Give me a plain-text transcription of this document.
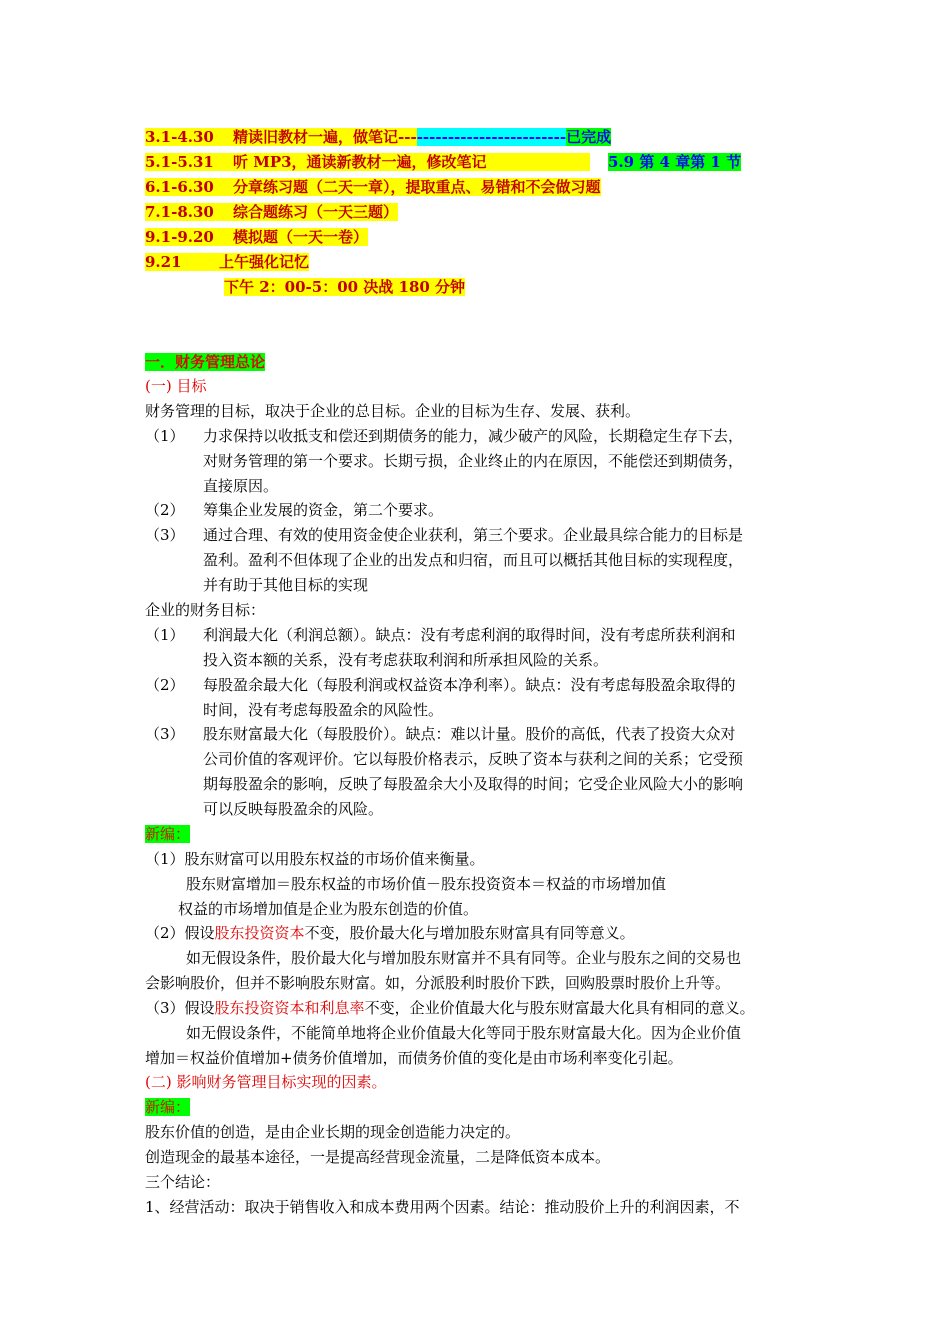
3.1-4.30 精读旧教材一遍，做笔记---------------------------已完成
5.1-5.31 听 MP3，通读新教材一遍，修改笔记	5.9 第 4 章第 1 节
6.1-6.30 分章练习题（二天一章），提取重点、易错和不会做习题
7.1-8.30 综合题练习（一天三题）
9.1-9.20 模拟题（一天一卷）
9.21 上午强化记忆
下午 2：00-5：00 决战 180 分钟
一．财务管理总论
(一) 目标
财务管理的目标，取决于企业的总目标。企业的目标为生存、发展、获利。
（1） 力求保持以收抵支和偿还到期债务的能力，减少破产的风险，长期稳定生存下去，
对财务管理的第一个要求。长期亏损，企业终止的内在原因，不能偿还到期债务，
直接原因。
（2） 筹集企业发展的资金，第二个要求。
（3） 通过合理、有效的使用资金使企业获利，第三个要求。企业最具综合能力的目标是
盈利。盈利不但体现了企业的出发点和归宿，而且可以概括其他目标的实现程度，
并有助于其他目标的实现
企业的财务目标：
（1） 利润最大化（利润总额）。缺点：没有考虑利润的取得时间，没有考虑所获利润和
投入资本额的关系，没有考虑获取利润和所承担风险的关系。
（2） 每股盈余最大化（每股利润或权益资本净利率）。缺点：没有考虑每股盈余取得的
时间，没有考虑每股盈余的风险性。
（3） 股东财富最大化（每股股价）。缺点：难以计量。股价的高低，代表了投资大众对
公司价值的客观评价。它以每股价格表示，反映了资本与获利之间的关系；它受预
期每股盈余的影响，反映了每股盈余大小及取得的时间；它受企业风险大小的影响
可以反映每股盈余的风险。
新编：
（1）股东财富可以用股东权益的市场价值来衡量。
股东财富增加＝股东权益的市场价值－股东投资资本＝权益的市场增加值
权益的市场增加值是企业为股东创造的价值。
（2）假设股东投资资本不变，股价最大化与增加股东财富具有同等意义。
如无假设条件，股价最大化与增加股东财富并不具有同等。企业与股东之间的交易也
会影响股价，但并不影响股东财富。如，分派股利时股价下跌，回购股票时股价上升等。
（3）假设股东投资资本和利息率不变，企业价值最大化与股东财富最大化具有相同的意义。
如无假设条件，不能简单地将企业价值最大化等同于股东财富最大化。因为企业价值
增加＝权益价值增加+债务价值增加，而债务价值的变化是由市场利率变化引起。
(二) 影响财务管理目标实现的因素。
新编：
股东价值的创造，是由企业长期的现金创造能力决定的。
创造现金的最基本途径，一是提高经营现金流量，二是降低资本成本。
三个结论：
1、经营活动：取决于销售收入和成本费用两个因素。结论：推动股价上升的利润因素，不
